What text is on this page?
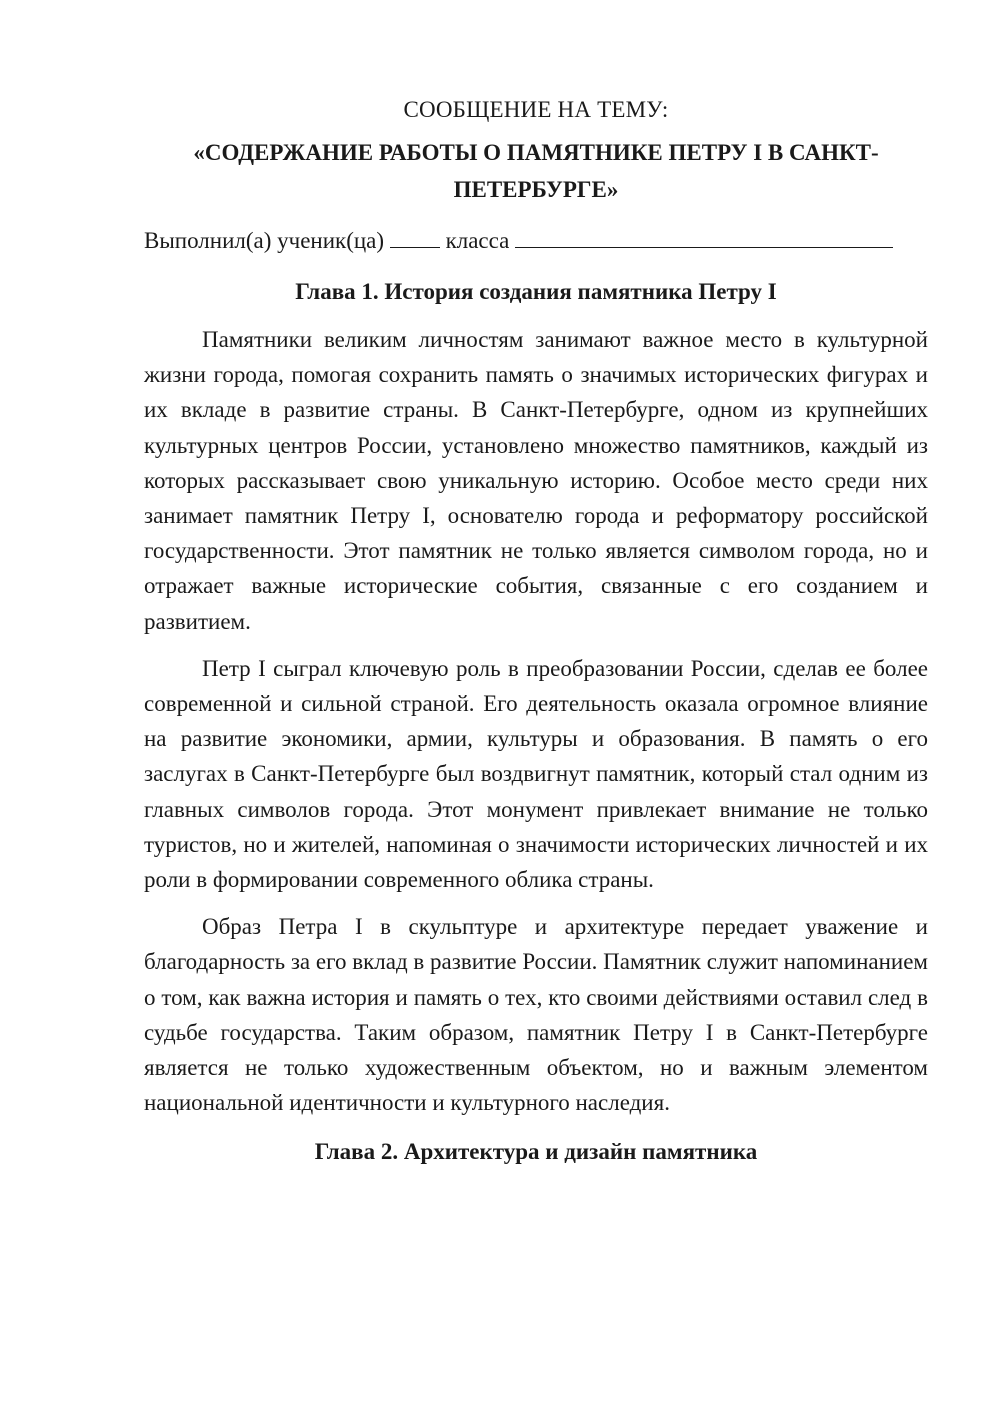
СООБЩЕНИЕ НА ТЕМУ:
«СОДЕРЖАНИЕ РАБОТЫ О ПАМЯТНИКЕ ПЕТРУ I В САНКТ-ПЕТЕРБУРГЕ»
Выполнил(а) ученик(ца)	класса
Глава 1. История создания памятника Петру I

Памятники великим личностям занимают важное место в культурной жизни города, помогая сохранить память о значимых исторических фигурах и их вкладе в развитие страны. В Санкт-Петербурге, одном из крупнейших культурных центров России, установлено множество памятников, каждый из которых рассказывает свою уникальную историю. Особое место среди них занимает памятник Петру I, основателю города и реформатору российской государственности. Этот памятник не только является символом города, но и отражает важные исторические события, связанные с его созданием и развитием.

Петр I сыграл ключевую роль в преобразовании России, сделав ее более современной и сильной страной. Его деятельность оказала огромное влияние на развитие экономики, армии, культуры и образования. В память о его заслугах в Санкт-Петербурге был воздвигнут памятник, который стал одним из главных символов города. Этот монумент привлекает внимание не только туристов, но и жителей, напоминая о значимости исторических личностей и их роли в формировании современного облика страны.

Образ Петра I в скульптуре и архитектуре передает уважение и благодарность за его вклад в развитие России. Памятник служит напоминанием о том, как важна история и память о тех, кто своими действиями оставил след в судьбе государства. Таким образом, памятник Петру I в Санкт-Петербурге является не только художественным объектом, но и важным элементом национальной идентичности и культурного наследия.

Глава 2. Архитектура и дизайн памятника
